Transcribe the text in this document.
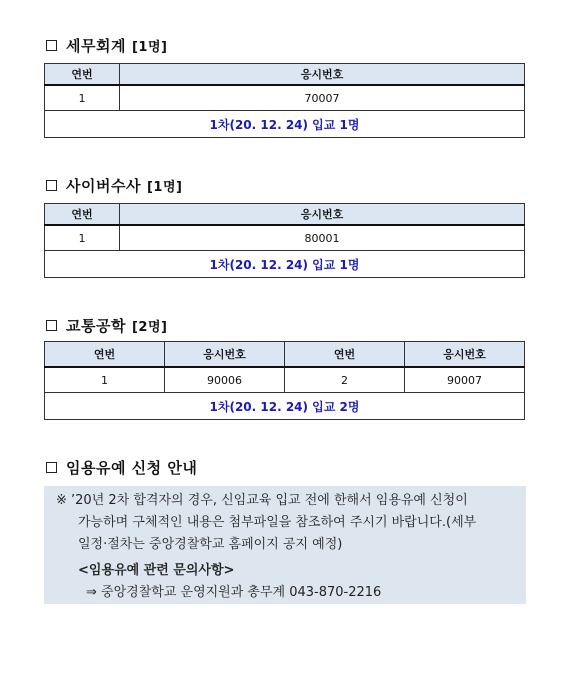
세무회계 [1명]
연번	응시번호
1	70007
1차(20. 12. 24) 입교 1명	
사이버수사 [1명]
연번	응시번호
1	80001
1차(20. 12. 24) 입교 1명	
교통공학 [2명]
연번	응시번호	연번	응시번호
1	90006	2	90007
1차(20. 12. 24) 입교 2명			
임용유예 신청 안내
※ ’20년 2차 합격자의 경우, 신임교육 입교 전에 한해서 임용유예 신청이
가능하며 구체적인 내용은 첨부파일을 참조하여 주시기 바랍니다.(세부
일정·절차는 중앙경찰학교 홈페이지 공지 예정)
<임용유예 관련 문의사항>
⇒ 중앙경찰학교 운영지원과 총무계 043-870-2216
